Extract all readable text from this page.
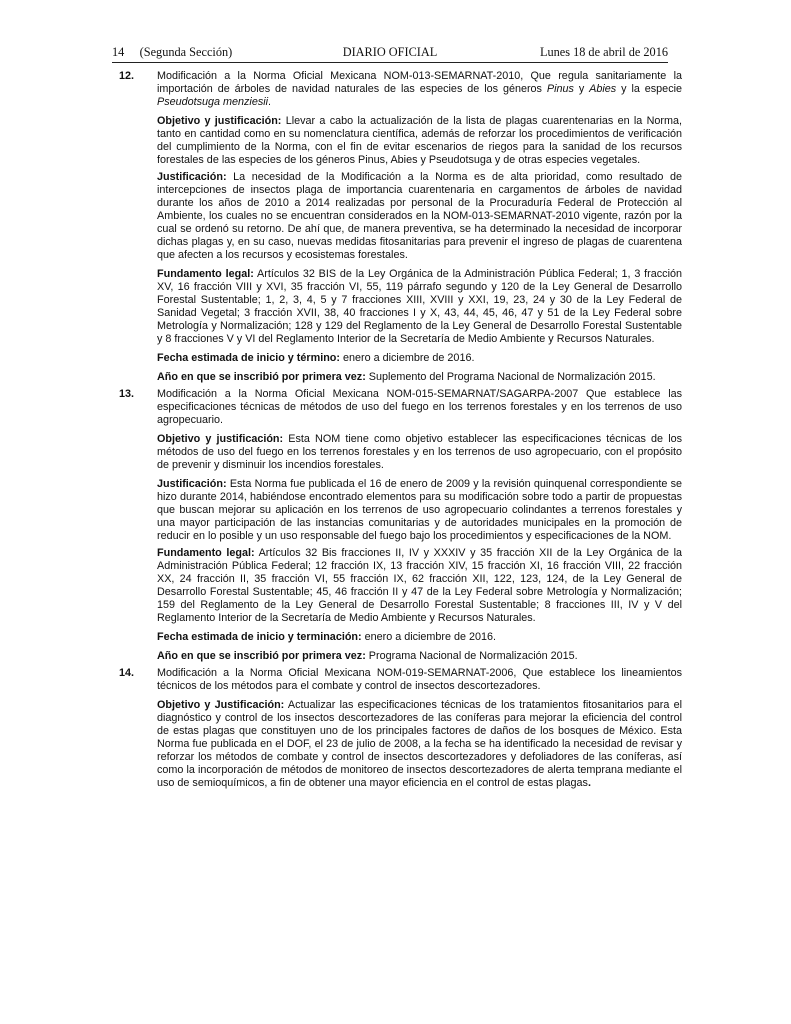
14     (Segunda Sección)	DIARIO OFICIAL	Lunes 18 de abril de 2016
12.	Modificación a la Norma Oficial Mexicana NOM-013-SEMARNAT-2010, Que regula sanitariamente la importación de árboles de navidad naturales de las especies de los géneros Pinus y Abies y la especie Pseudotsuga menziesii.

Objetivo y justificación: Llevar a cabo la actualización de la lista de plagas cuarentenarias en la Norma, tanto en cantidad como en su nomenclatura científica, además de reforzar los procedimientos de verificación del cumplimiento de la Norma, con el fin de evitar escenarios de riegos para la sanidad de los recursos forestales de las especies de los géneros Pinus, Abies y Pseudotsuga y de otras especies vegetales.

Justificación: La necesidad de la Modificación a la Norma es de alta prioridad, como resultado de intercepciones de insectos plaga de importancia cuarentenaria en cargamentos de árboles de navidad durante los años de 2010 a 2014 realizadas por personal de la Procuraduría Federal de Protección al Ambiente, los cuales no se encuentran considerados en la NOM-013-SEMARNAT-2010 vigente, razón por la cual se ordenó su retorno. De ahí que, de manera preventiva, se ha determinado la necesidad de incorporar dichas plagas y, en su caso, nuevas medidas fitosanitarias para prevenir el ingreso de plagas de cuarentena que afecten a los recursos y ecosistemas forestales.

Fundamento legal: Artículos 32 BIS de la Ley Orgánica de la Administración Pública Federal; 1, 3 fracción XV, 16 fracción VIII y XVI, 35 fracción VI, 55, 119 párrafo segundo y 120 de la Ley General de Desarrollo Forestal Sustentable; 1, 2, 3, 4, 5 y 7 fracciones XIII, XVIII y XXI, 19, 23, 24 y 30 de la Ley Federal de Sanidad Vegetal; 3 fracción XVII, 38, 40 fracciones I y X, 43, 44, 45, 46, 47 y 51 de la Ley Federal sobre Metrología y Normalización; 128 y 129 del Reglamento de la Ley General de Desarrollo Forestal Sustentable y 8 fracciones V y VI del Reglamento Interior de la Secretaría de Medio Ambiente y Recursos Naturales.

Fecha estimada de inicio y término: enero a diciembre de 2016.

Año en que se inscribió por primera vez: Suplemento del Programa Nacional de Normalización 2015.

13.	Modificación a la Norma Oficial Mexicana NOM-015-SEMARNAT/SAGARPA-2007 Que establece las especificaciones técnicas de métodos de uso del fuego en los terrenos forestales y en los terrenos de uso agropecuario.

Objetivo y justificación: Esta NOM tiene como objetivo establecer las especificaciones técnicas de los métodos de uso del fuego en los terrenos forestales y en los terrenos de uso agropecuario, con el propósito de prevenir y disminuir los incendios forestales.

Justificación: Esta Norma fue publicada el 16 de enero de 2009 y la revisión quinquenal correspondiente se hizo durante 2014, habiéndose encontrado elementos para su modificación sobre todo a partir de propuestas que buscan mejorar su aplicación en los terrenos de uso agropecuario colindantes a terrenos forestales y una mayor participación de las instancias comunitarias y de autoridades municipales en la promoción de reducir en lo posible y un uso responsable del fuego bajo los procedimientos y especificaciones de la NOM.

Fundamento legal: Artículos 32 Bis fracciones II, IV y XXXIV y 35 fracción XII de la Ley Orgánica de la Administración Pública Federal; 12 fracción IX, 13 fracción XIV, 15 fracción XI, 16 fracción VIII, 22 fracción XX, 24 fracción II, 35 fracción VI, 55 fracción IX, 62 fracción XII, 122, 123, 124, de la Ley General de Desarrollo Forestal Sustentable; 45, 46 fracción II y 47 de la Ley Federal sobre Metrología y Normalización; 159 del Reglamento de la Ley General de Desarrollo Forestal Sustentable; 8 fracciones III, IV y V del Reglamento Interior de la Secretaría de Medio Ambiente y Recursos Naturales.

Fecha estimada de inicio y terminación: enero a diciembre de 2016.

Año en que se inscribió por primera vez: Programa Nacional de Normalización 2015.

14.	Modificación a la Norma Oficial Mexicana NOM-019-SEMARNAT-2006, Que establece los lineamientos técnicos de los métodos para el combate y control de insectos descortezadores.

Objetivo y Justificación: Actualizar las especificaciones técnicas de los tratamientos fitosanitarios para el diagnóstico y control de los insectos descortezadores de las coníferas para mejorar la eficiencia del control de estas plagas que constituyen uno de los principales factores de daños de los bosques de México. Esta Norma fue publicada en el DOF, el 23 de julio de 2008, a la fecha se ha identificado la necesidad de revisar y reforzar los métodos de combate y control de insectos descortezadores y defoliadores de las coníferas, así como la incorporación de métodos de monitoreo de insectos descortezadores de alerta temprana mediante el uso de semioquímicos, a fin de obtener una mayor eficiencia en el control de estas plagas.
